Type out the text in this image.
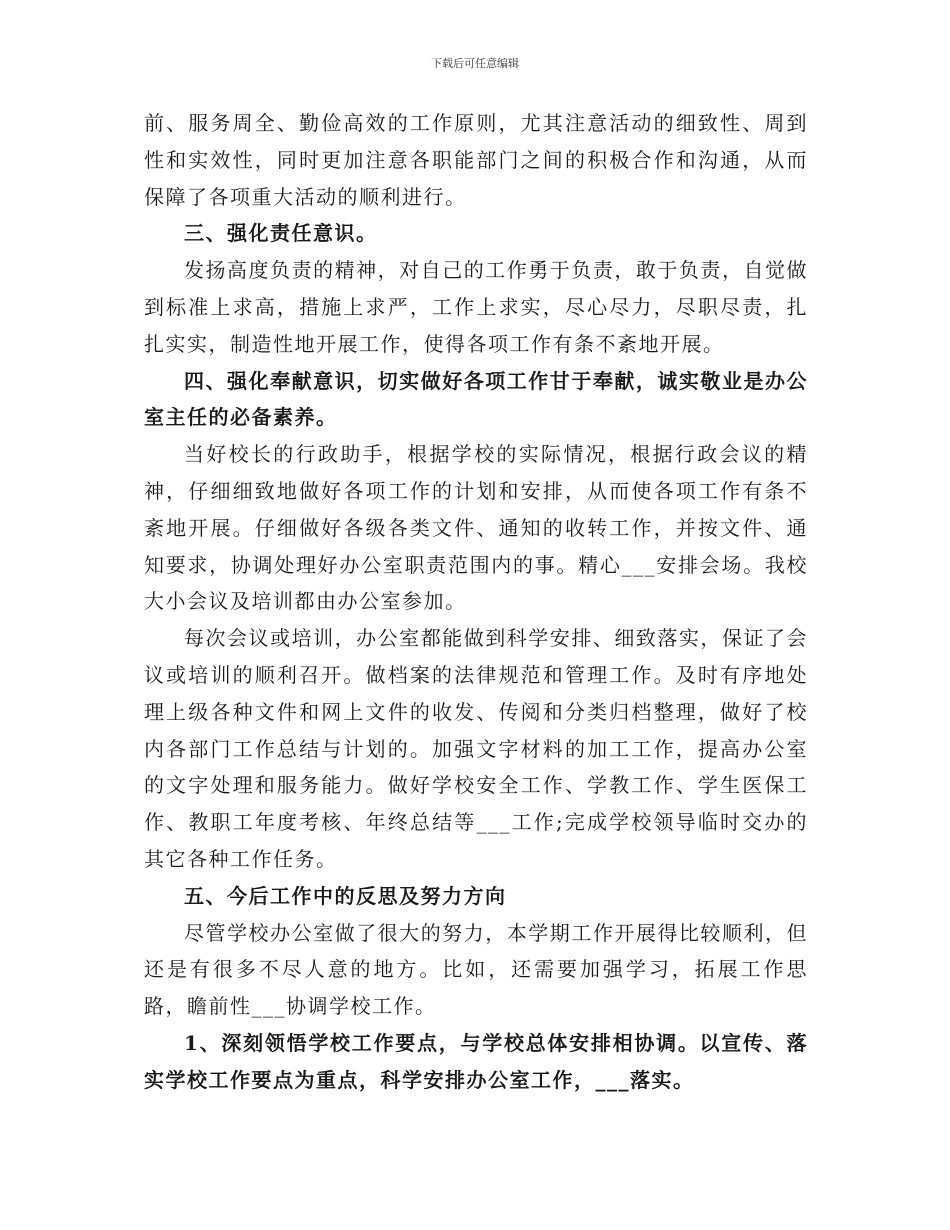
下载后可任意编辑

前、服务周全、勤俭高效的工作原则，尤其注意活动的细致性、周到性和实效性，同时更加注意各职能部门之间的积极合作和沟通，从而保障了各项重大活动的顺利进行。

三、强化责任意识。

发扬高度负责的精神，对自己的工作勇于负责，敢于负责，自觉做到标准上求高，措施上求严，工作上求实，尽心尽力，尽职尽责，扎扎实实，制造性地开展工作，使得各项工作有条不紊地开展。

四、强化奉献意识，切实做好各项工作甘于奉献，诚实敬业是办公室主任的必备素养。

当好校长的行政助手，根据学校的实际情况，根据行政会议的精神，仔细细致地做好各项工作的计划和安排，从而使各项工作有条不紊地开展。仔细做好各级各类文件、通知的收转工作，并按文件、通知要求，协调处理好办公室职责范围内的事。精心___安排会场。我校大小会议及培训都由办公室参加。

每次会议或培训，办公室都能做到科学安排、细致落实，保证了会议或培训的顺利召开。做档案的法律规范和管理工作。及时有序地处理上级各种文件和网上文件的收发、传阅和分类归档整理，做好了校内各部门工作总结与计划的。加强文字材料的加工工作，提高办公室的文字处理和服务能力。做好学校安全工作、学教工作、学生医保工作、教职工年度考核、年终总结等___工作;完成学校领导临时交办的其它各种工作任务。

五、今后工作中的反思及努力方向

尽管学校办公室做了很大的努力，本学期工作开展得比较顺利，但还是有很多不尽人意的地方。比如，还需要加强学习，拓展工作思路，瞻前性___协调学校工作。

1、深刻领悟学校工作要点，与学校总体安排相协调。以宣传、落实学校工作要点为重点，科学安排办公室工作，___落实。
